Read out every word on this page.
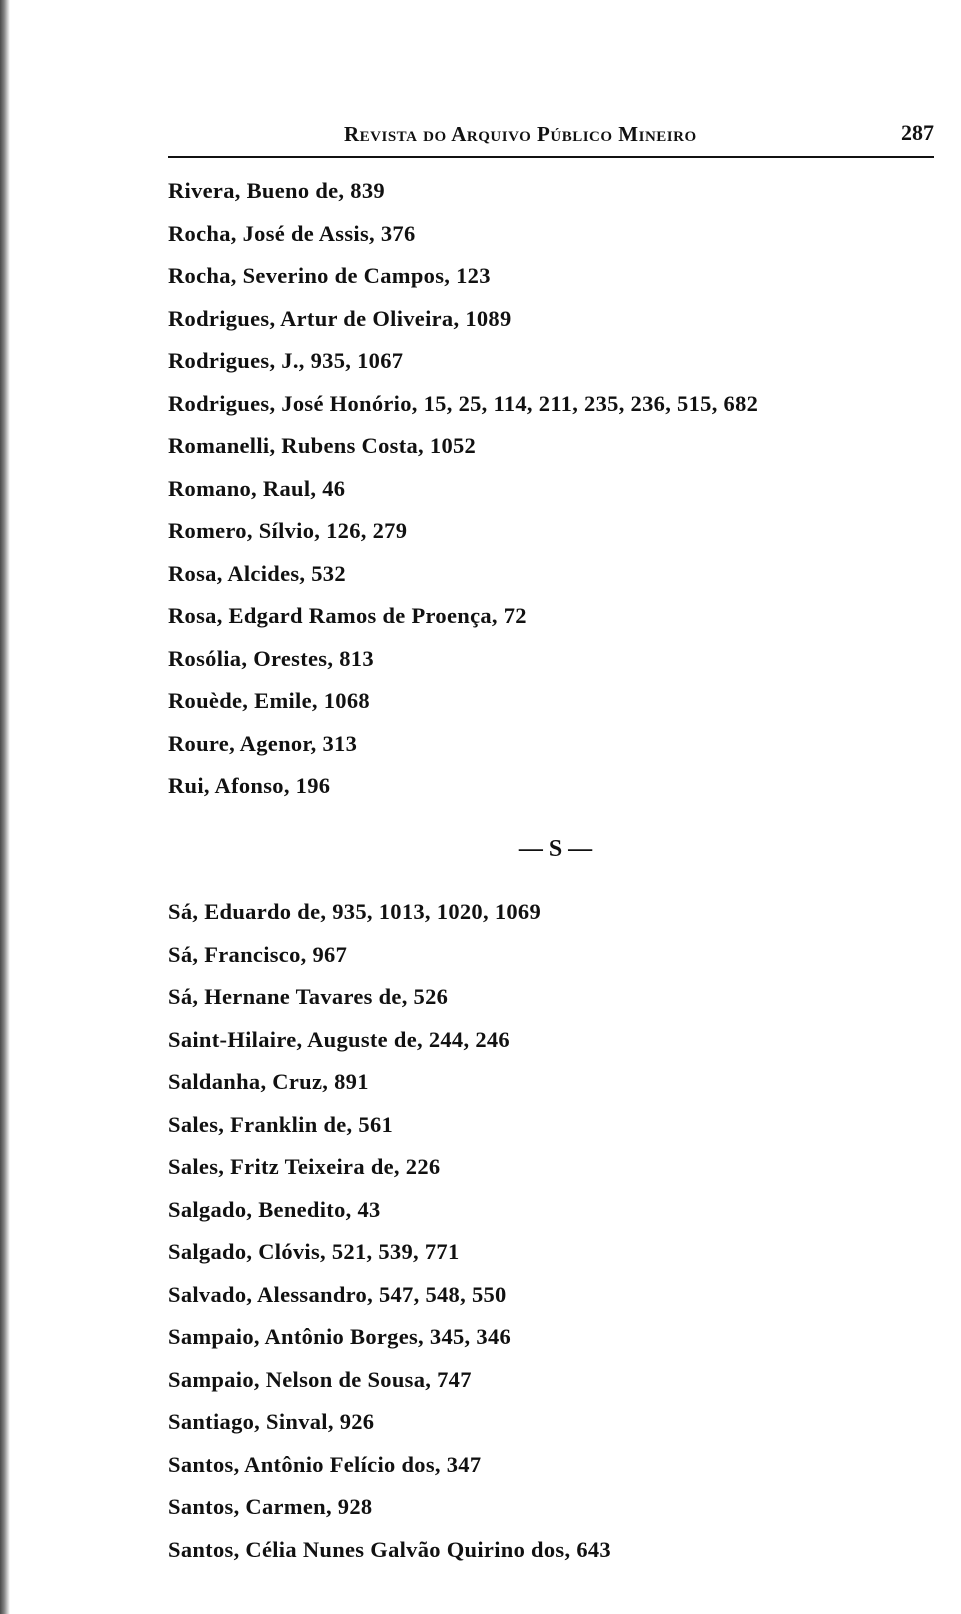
Revista do Arquivo Público Mineiro	287
Rivera, Bueno de, 839
Rocha, José de Assis, 376
Rocha, Severino de Campos, 123
Rodrigues, Artur de Oliveira, 1089
Rodrigues, J., 935, 1067
Rodrigues, José Honório, 15, 25, 114, 211, 235, 236, 515, 682
Romanelli, Rubens Costa, 1052
Romano, Raul, 46
Romero, Sílvio, 126, 279
Rosa, Alcides, 532
Rosa, Edgard Ramos de Proença, 72
Rosólia, Orestes, 813
Rouède, Emile, 1068
Roure, Agenor, 313
Rui, Afonso, 196
— S —
Sá, Eduardo de, 935, 1013, 1020, 1069
Sá, Francisco, 967
Sá, Hernane Tavares de, 526
Saint-Hilaire, Auguste de, 244, 246
Saldanha, Cruz, 891
Sales, Franklin de, 561
Sales, Fritz Teixeira de, 226
Salgado, Benedito, 43
Salgado, Clóvis, 521, 539, 771
Salvado, Alessandro, 547, 548, 550
Sampaio, Antônio Borges, 345, 346
Sampaio, Nelson de Sousa, 747
Santiago, Sinval, 926
Santos, Antônio Felício dos, 347
Santos, Carmen, 928
Santos, Célia Nunes Galvão Quirino dos, 643
